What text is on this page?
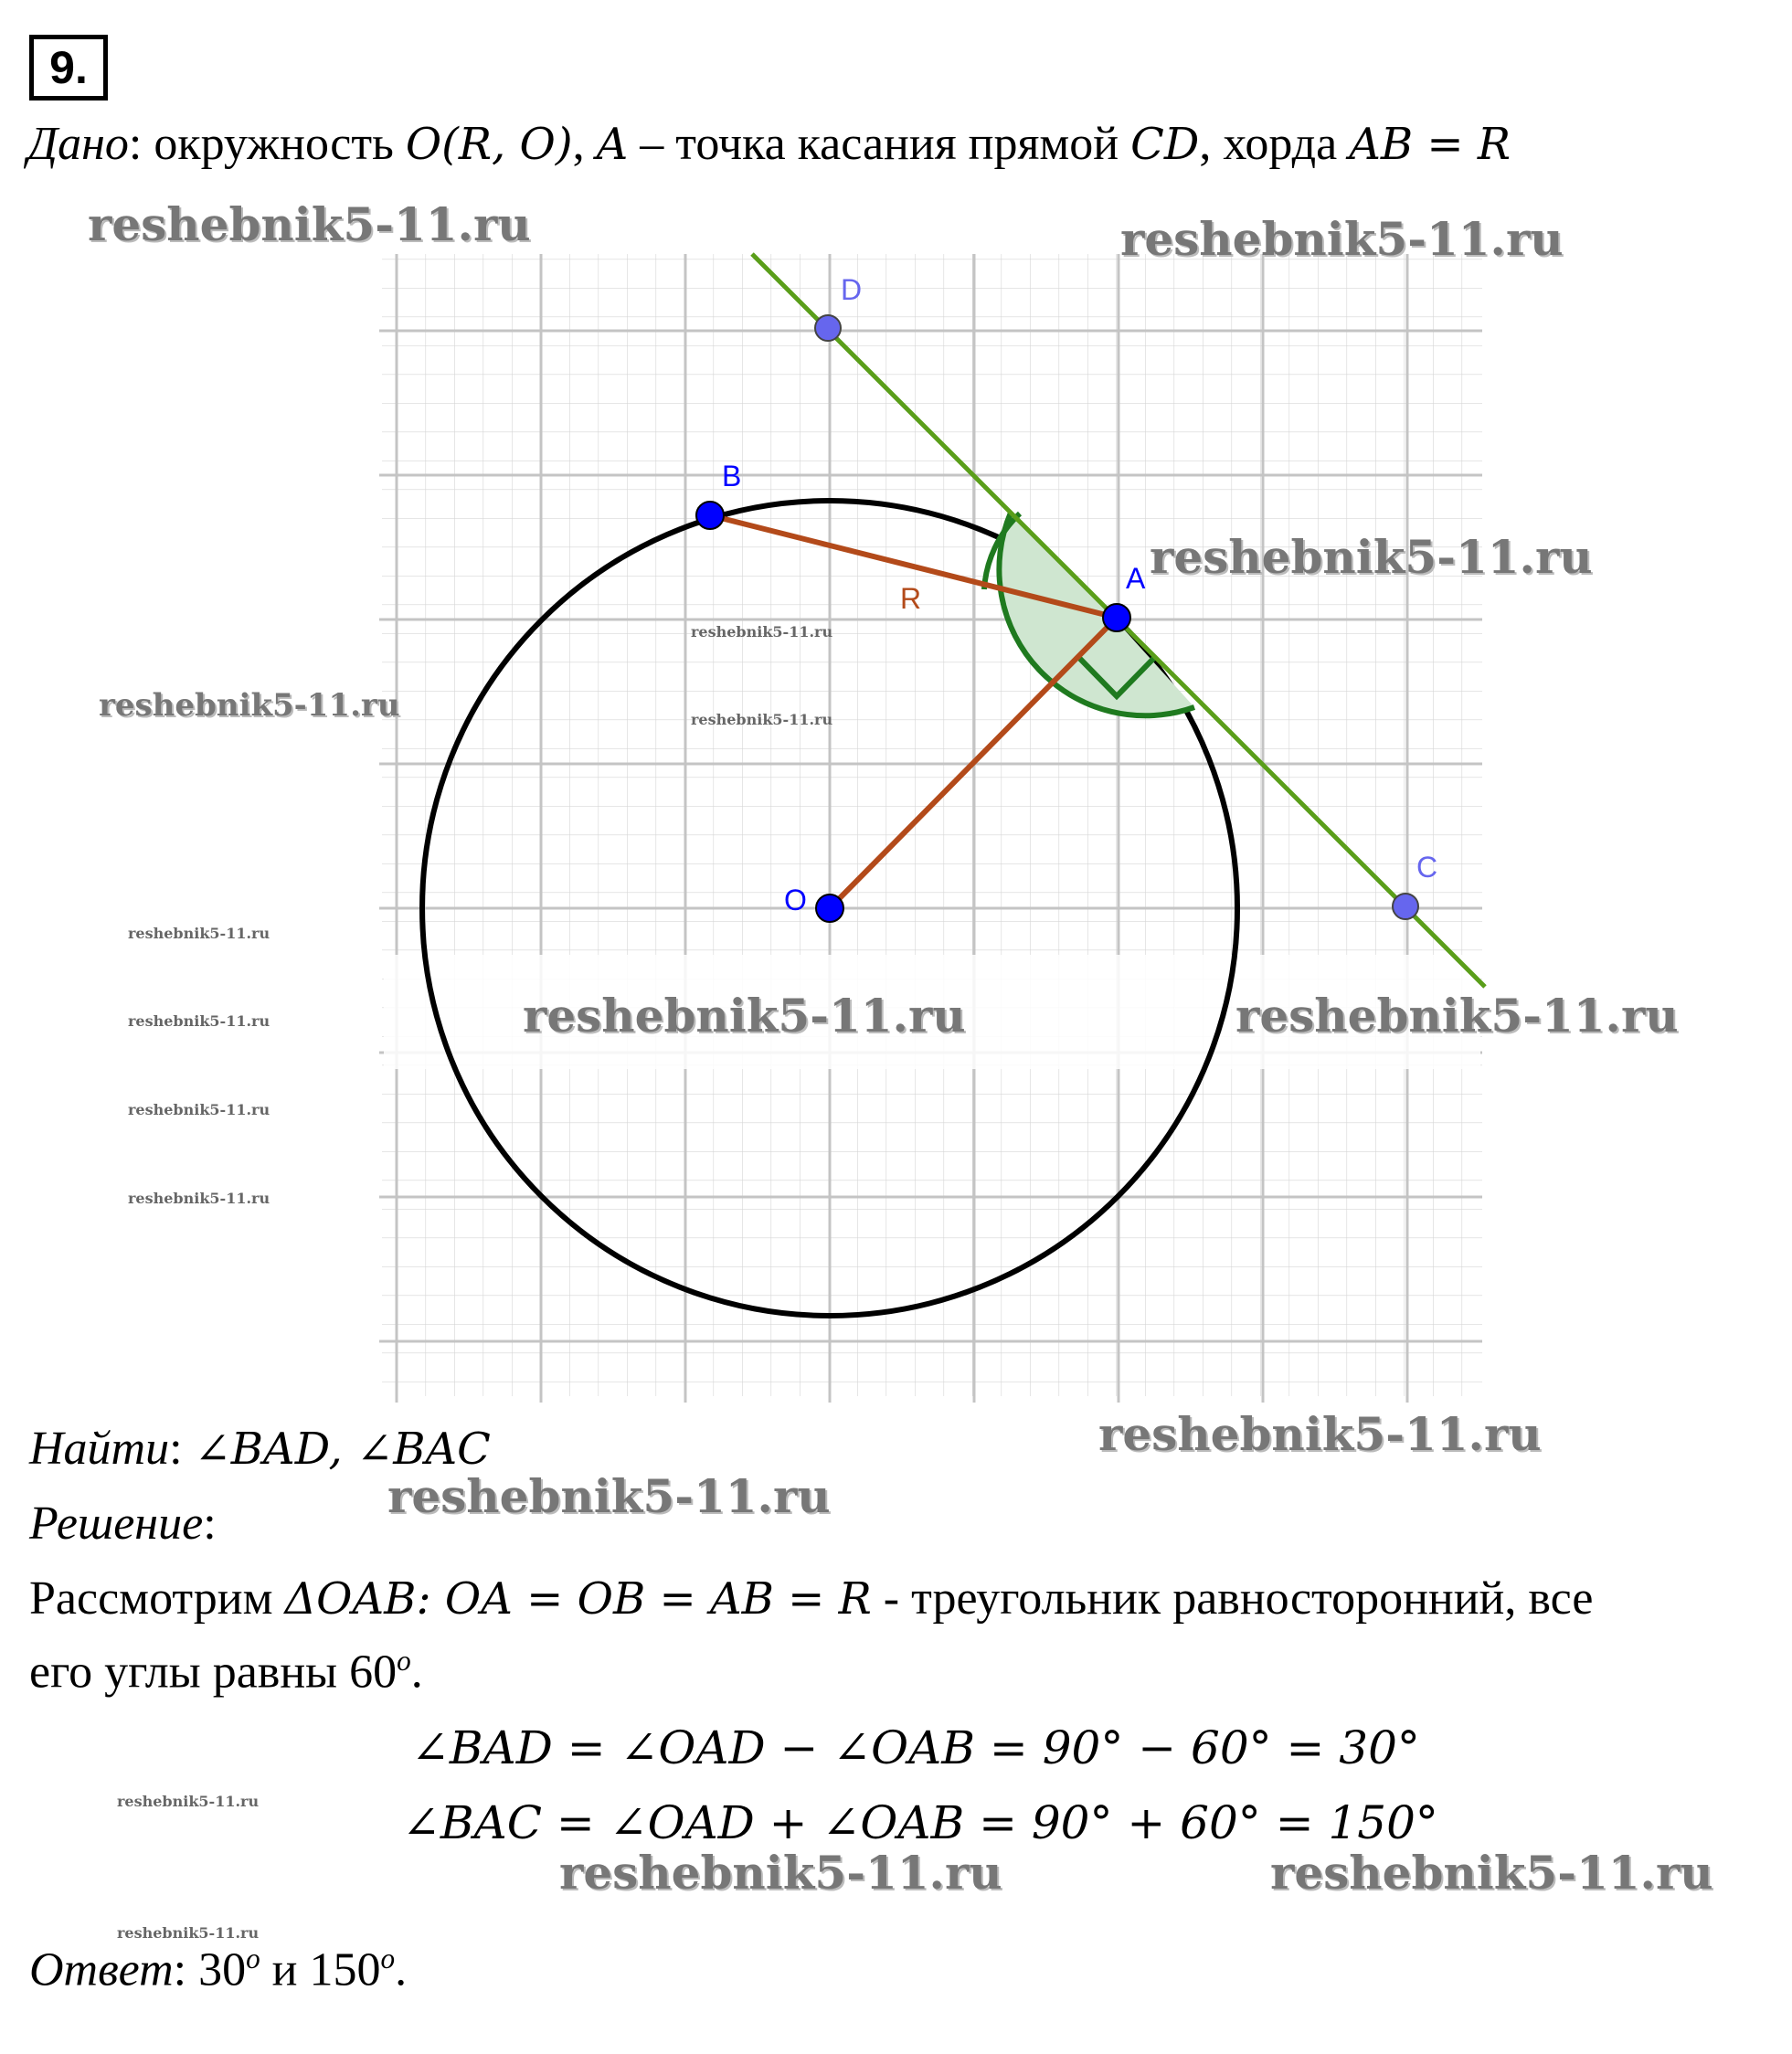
9.
Дано: окружность O(R, O), A – точка касания прямой CD, хорда AB = R
D
B
A
R
O
C
reshebnik5-11.ru	reshebnik5-11.ru
reshebnik5-11.ru
reshebnik5-11.ru
reshebnik5-11.ru
reshebnik5-11.ru
reshebnik5-11.ru
reshebnik5-11.ru
reshebnik5-11.ru
reshebnik5-11.ru
reshebnik5-11.ru	reshebnik5-11.ru
reshebnik5-11.ru
reshebnik5-11.ru
reshebnik5-11.ru
reshebnik5-11.ru	reshebnik5-11.ru
reshebnik5-11.ru
Найти: ∠BAD, ∠BAC
Решение:
Рассмотрим ΔOAB: OA = OB = AB = R - треугольник равносторонний, все
его углы равны 60$^o$.
∠BAD = ∠OAD − ∠OAB = 90° − 60° = 30°
∠BAC = ∠OAD + ∠OAB = 90° + 60° = 150°
Ответ: 30$^o$ и 150$^o$.
